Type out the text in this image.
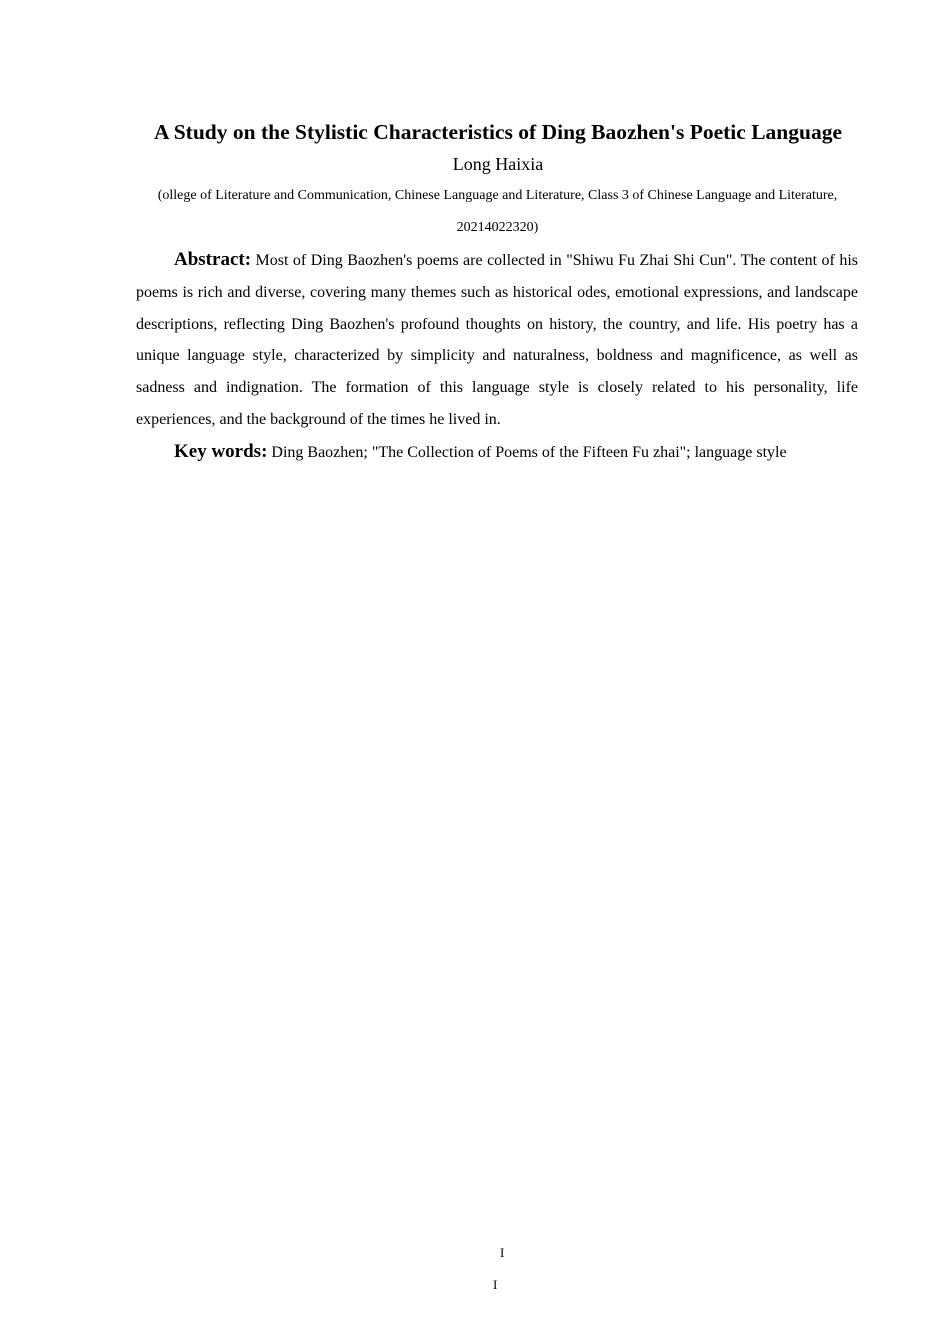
A Study on the Stylistic Characteristics of Ding Baozhen's Poetic Language
Long Haixia
(ollege of Literature and Communication, Chinese Language and Literature, Class 3 of Chinese Language and Literature, 20214022320)

Abstract: Most of Ding Baozhen's poems are collected in "Shiwu Fu Zhai Shi Cun". The content of his poems is rich and diverse, covering many themes such as historical odes, emotional expressions, and landscape descriptions, reflecting Ding Baozhen's profound thoughts on history, the country, and life. His poetry has a unique language style, characterized by simplicity and naturalness, boldness and magnificence, as well as sadness and indignation. The formation of this language style is closely related to his personality, life experiences, and the background of the times he lived in.

Key words: Ding Baozhen; "The Collection of Poems of the Fifteen Fu zhai"; language style

I
I
